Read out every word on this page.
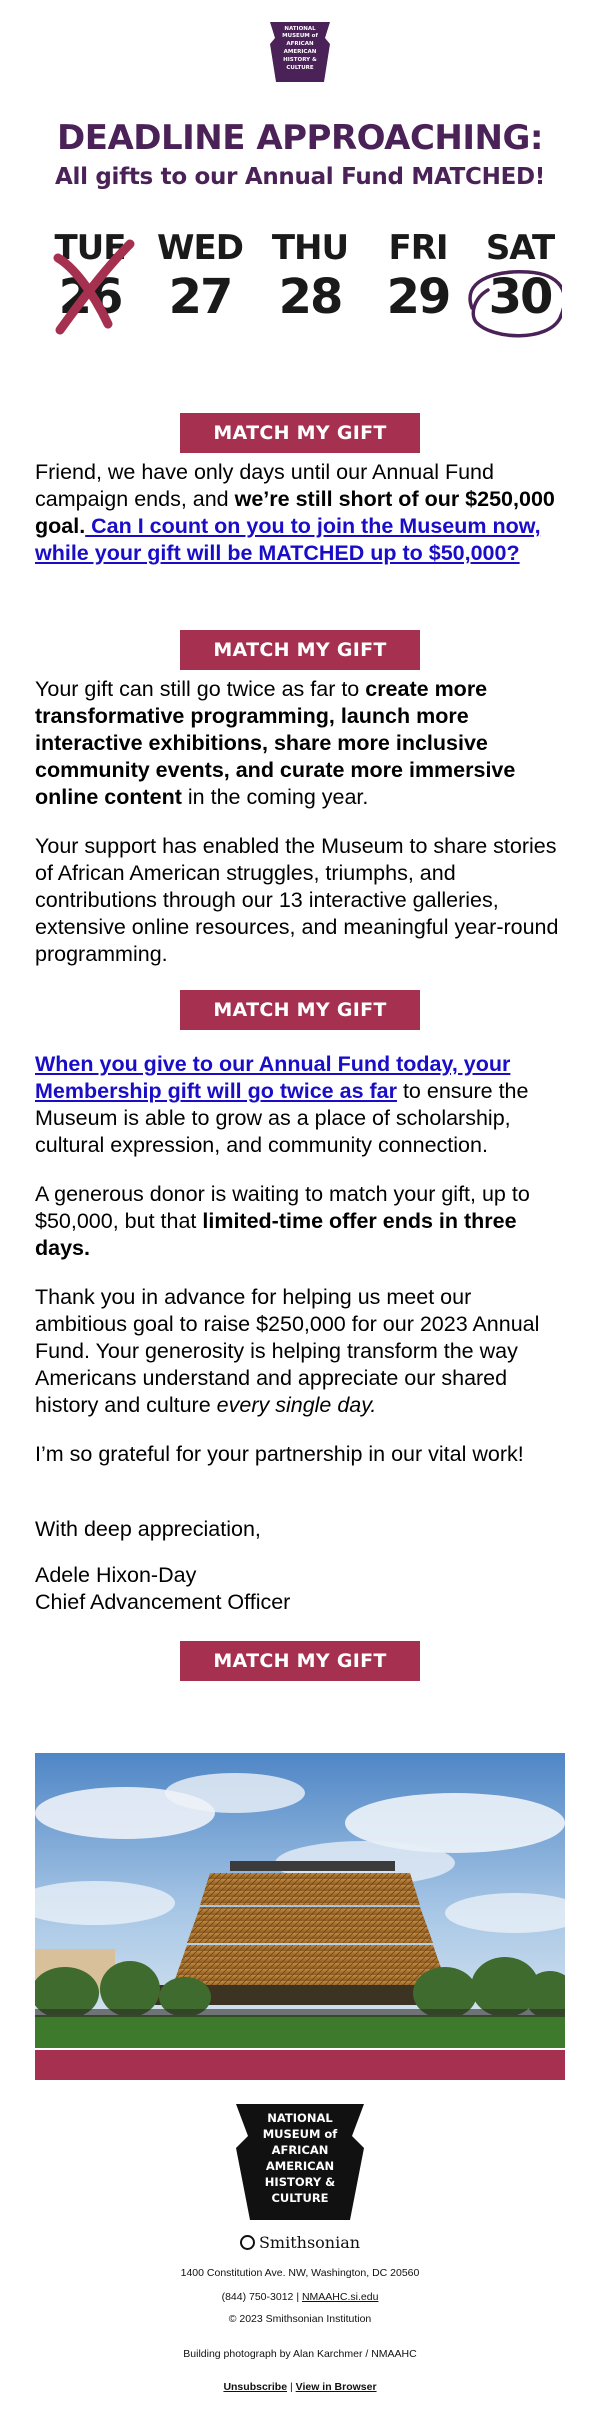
NATIONAL
MUSEUM of
AFRICAN
AMERICAN
HISTORY &
CULTURE
DEADLINE APPROACHING:
All gifts to our Annual Fund MATCHED!
TUE
26
WED
27
THU
28
FRI
29
SAT
30
MATCH MY GIFT

Friend, we have only days until our Annual Fund campaign ends, and we’re still short of our $250,000 goal. Can I count on you to join the Museum now, while your gift will be MATCHED up to $50,000?

MATCH MY GIFT

Your gift can still go twice as far to create more transformative programming, launch more interactive exhibitions, share more inclusive community events, and curate more immersive online content in the coming year.

Your support has enabled the Museum to share stories of African American struggles, triumphs, and contributions through our 13 interactive galleries, extensive online resources, and meaningful year-round programming.

MATCH MY GIFT

When you give to our Annual Fund today, your Membership gift will go twice as far to ensure the Museum is able to grow as a place of scholarship, cultural expression, and community connection.

A generous donor is waiting to match your gift, up to $50,000, but that limited-time offer ends in three days.

Thank you in advance for helping us meet our ambitious goal to raise $250,000 for our 2023 Annual Fund. Your generosity is helping transform the way Americans understand and appreciate our shared history and culture every single day.

I’m so grateful for your partnership in our vital work!

With deep appreciation,

Adele Hixon-Day

Chief Advancement Officer

MATCH MY GIFT
NATIONAL
MUSEUM of
AFRICAN
AMERICAN
HISTORY &
CULTURE
Smithsonian
1400 Constitution Ave. NW, Washington, DC 20560
(844) 750-3012 | NMAAHC.si.edu
© 2023 Smithsonian Institution
Building photograph by Alan Karchmer / NMAAHC
Unsubscribe | View in Browser
